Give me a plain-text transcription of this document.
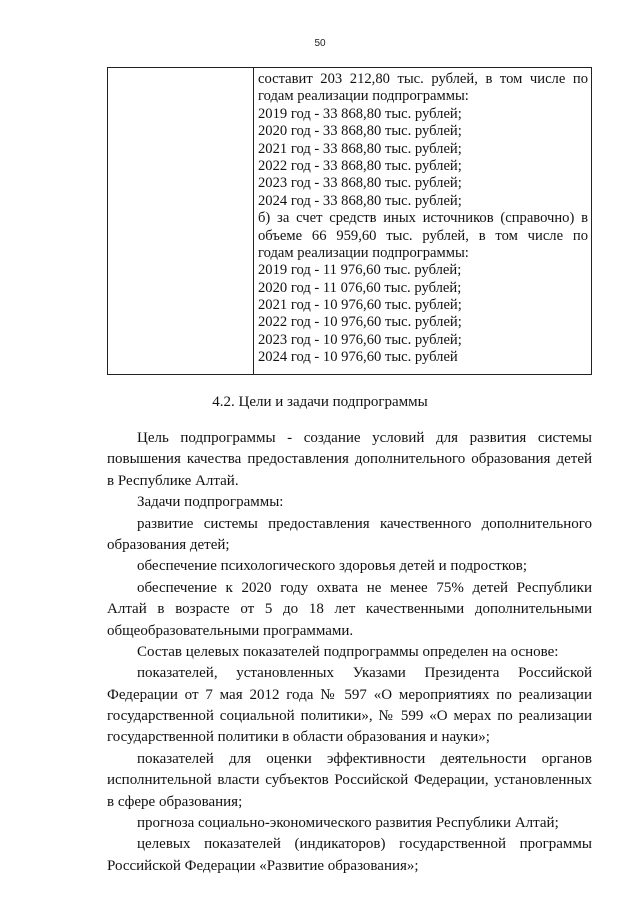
50

составит 203 212,80 тыс. рублей, в том числе по
годам реализации подпрограммы:
2019 год - 33 868,80 тыс. рублей;
2020 год - 33 868,80 тыс. рублей;
2021 год - 33 868,80 тыс. рублей;
2022 год - 33 868,80 тыс. рублей;
2023 год - 33 868,80 тыс. рублей;
2024 год - 33 868,80 тыс. рублей;
б) за счет средств иных источников (справочно) в
объеме 66 959,60 тыс. рублей, в том числе по
годам реализации подпрограммы:
2019 год - 11 976,60 тыс. рублей;
2020 год - 11 076,60 тыс. рублей;
2021 год - 10 976,60 тыс. рублей;
2022 год - 10 976,60 тыс. рублей;
2023 год - 10 976,60 тыс. рублей;
2024 год - 10 976,60 тыс. рублей
4.2. Цели и задачи подпрограммы
Цель подпрограммы - создание условий для развития системы
повышения качества предоставления дополнительного образования детей
в Республике Алтай.
Задачи подпрограммы:
развитие системы предоставления качественного дополнительного
образования детей;
обеспечение психологического здоровья детей и подростков;
обеспечение к 2020 году охвата не менее 75% детей Республики
Алтай в возрасте от 5 до 18 лет качественными дополнительными
общеобразовательными программами.
Состав целевых показателей подпрограммы определен на основе:
показателей, установленных Указами Президента Российской
Федерации от 7 мая 2012 года № 597 «О мероприятиях по реализации
государственной социальной политики», № 599 «О мерах по реализации
государственной политики в области образования и науки»;
показателей для оценки эффективности деятельности органов
исполнительной власти субъектов Российской Федерации, установленных
в сфере образования;
прогноза социально-экономического развития Республики Алтай;
целевых показателей (индикаторов) государственной программы
Российской Федерации «Развитие образования»;
